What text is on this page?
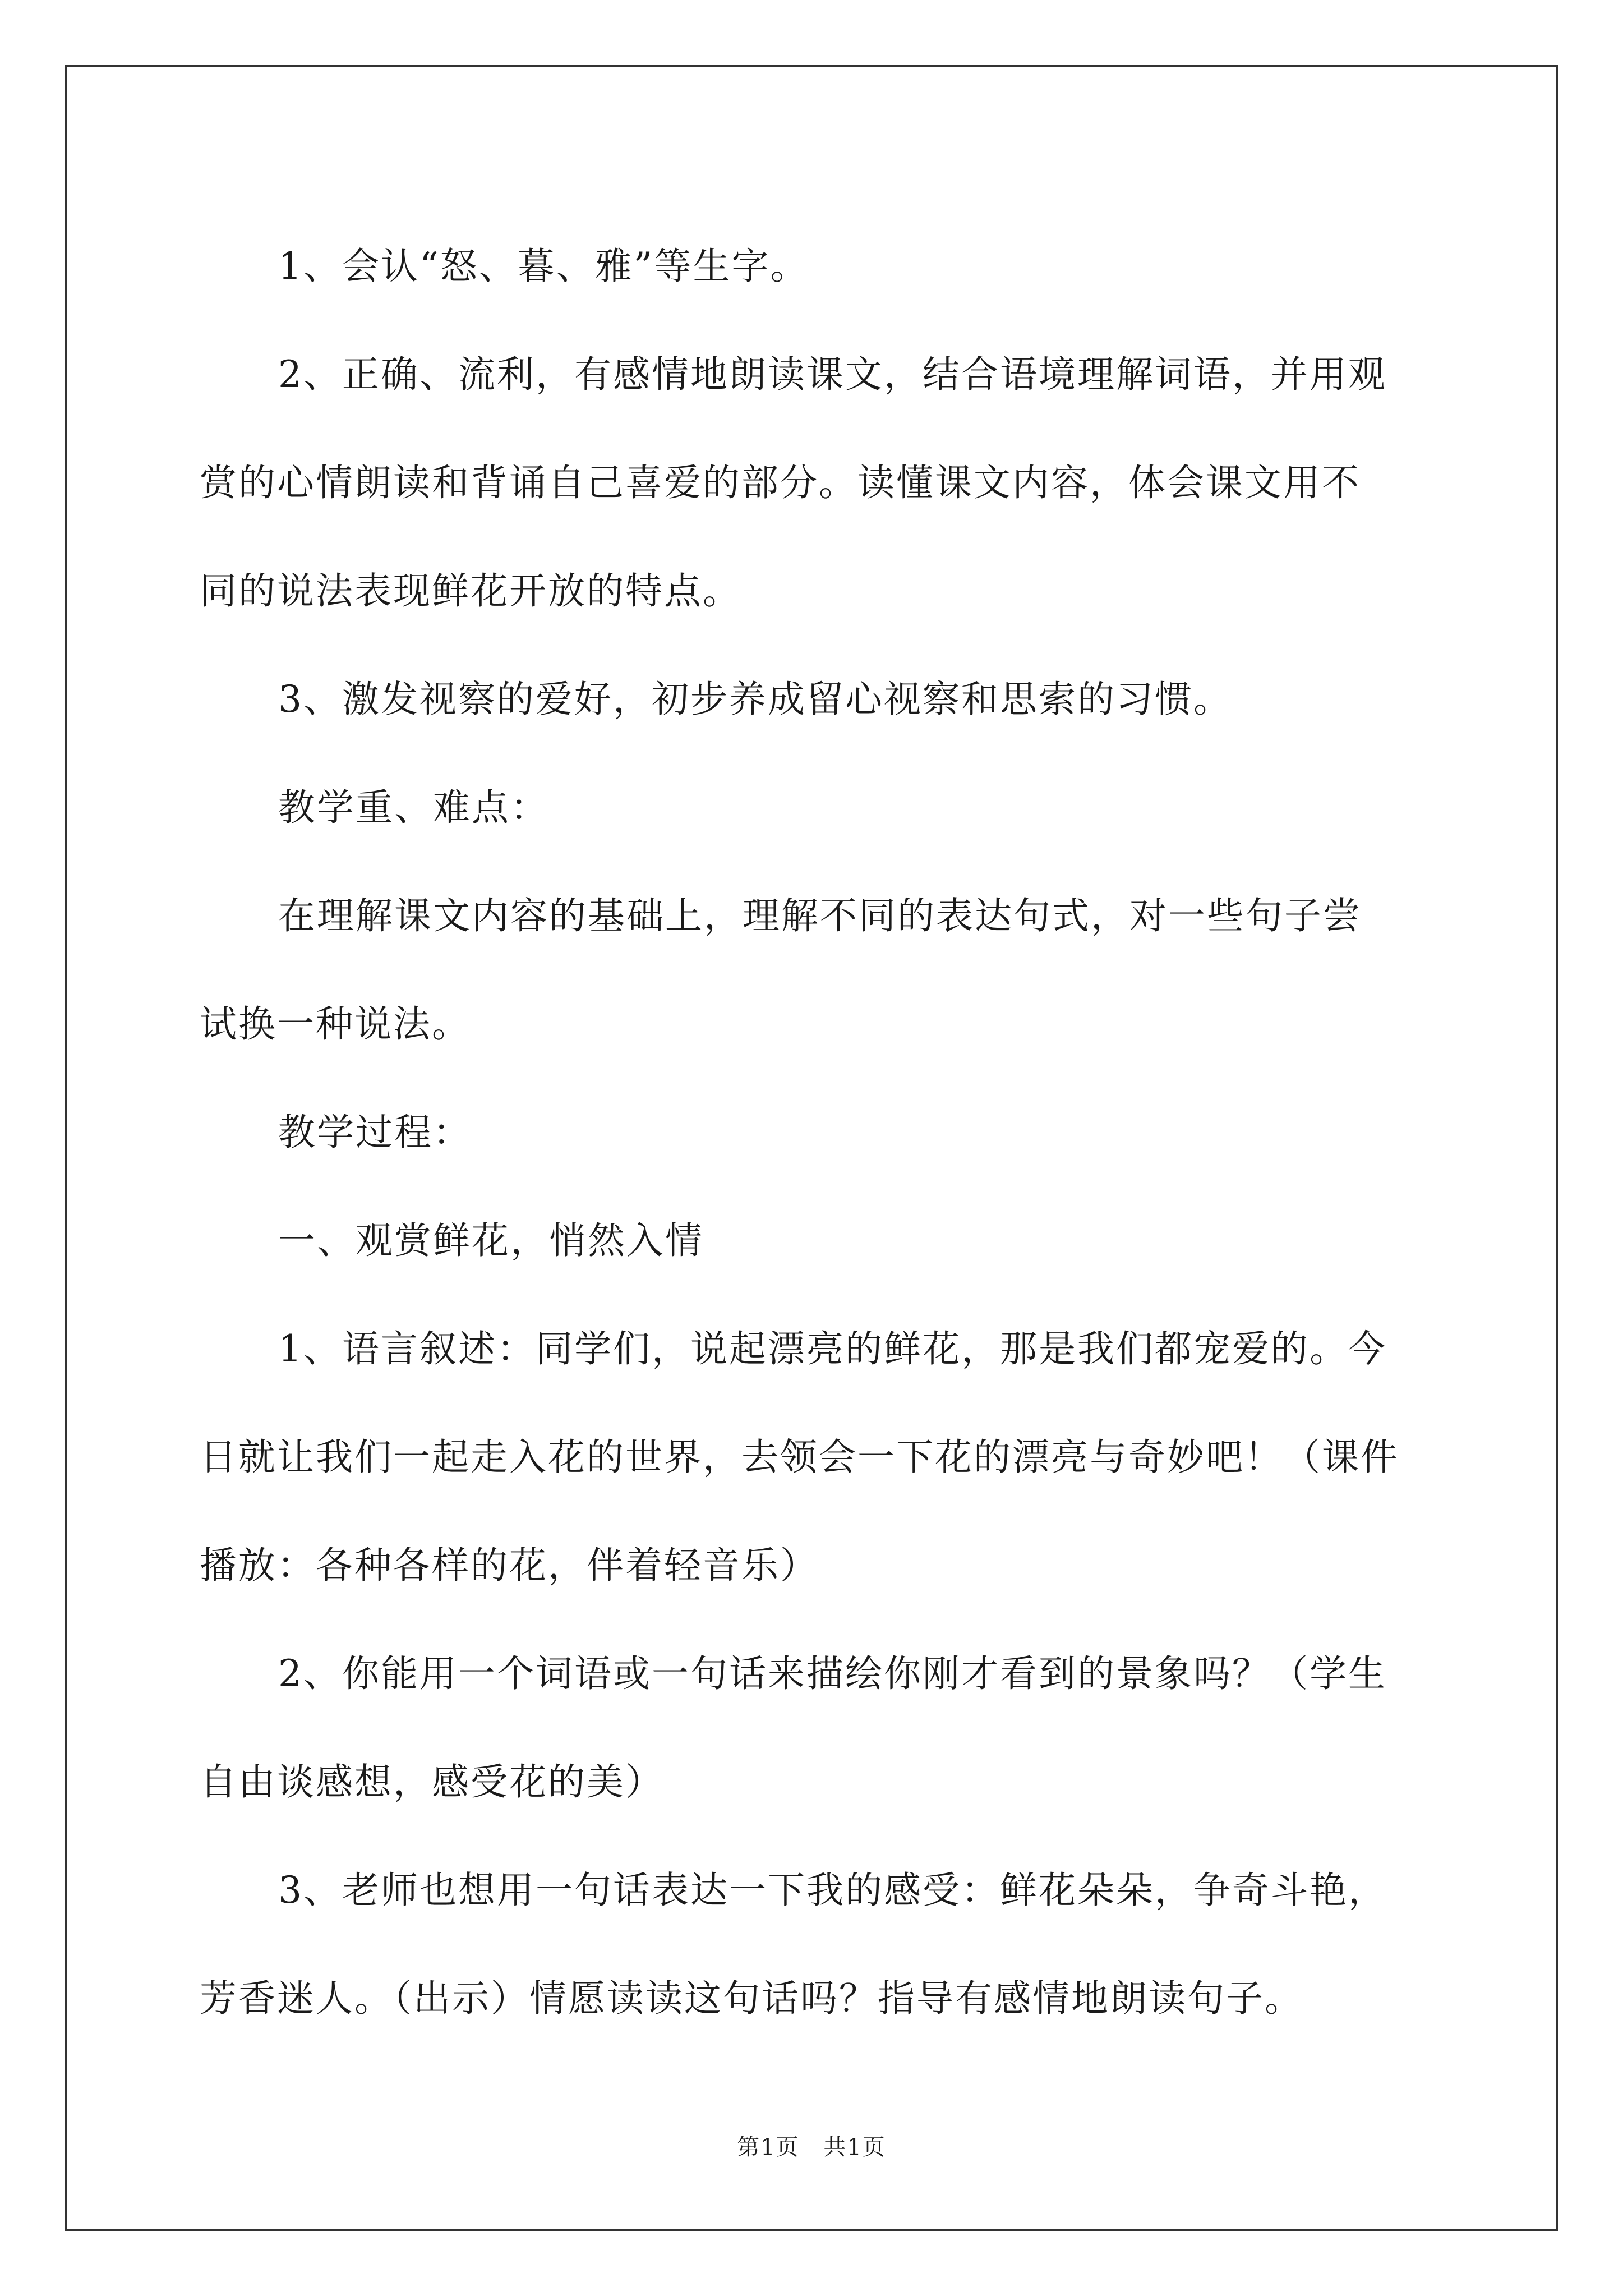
1、会认“怒、暮、雅”等生字。

2、正确、流利，有感情地朗读课文，结合语境理解词语，并用观

赏的心情朗读和背诵自己喜爱的部分。读懂课文内容，体会课文用不

同的说法表现鲜花开放的特点。

3、激发视察的爱好，初步养成留心视察和思索的习惯。

教学重、难点：

在理解课文内容的基础上，理解不同的表达句式，对一些句子尝

试换一种说法。

教学过程：

一、观赏鲜花，悄然入情

1、语言叙述：同学们，说起漂亮的鲜花，那是我们都宠爱的。今

日就让我们一起走入花的世界，去领会一下花的漂亮与奇妙吧！（课件

播放：各种各样的花，伴着轻音乐）

2、你能用一个词语或一句话来描绘你刚才看到的景象吗？（学生

自由谈感想，感受花的美）

3、老师也想用一句话表达一下我的感受：鲜花朵朵，争奇斗艳，

芳香迷人。（出示）情愿读读这句话吗？指导有感情地朗读句子。

第1页 共1页
